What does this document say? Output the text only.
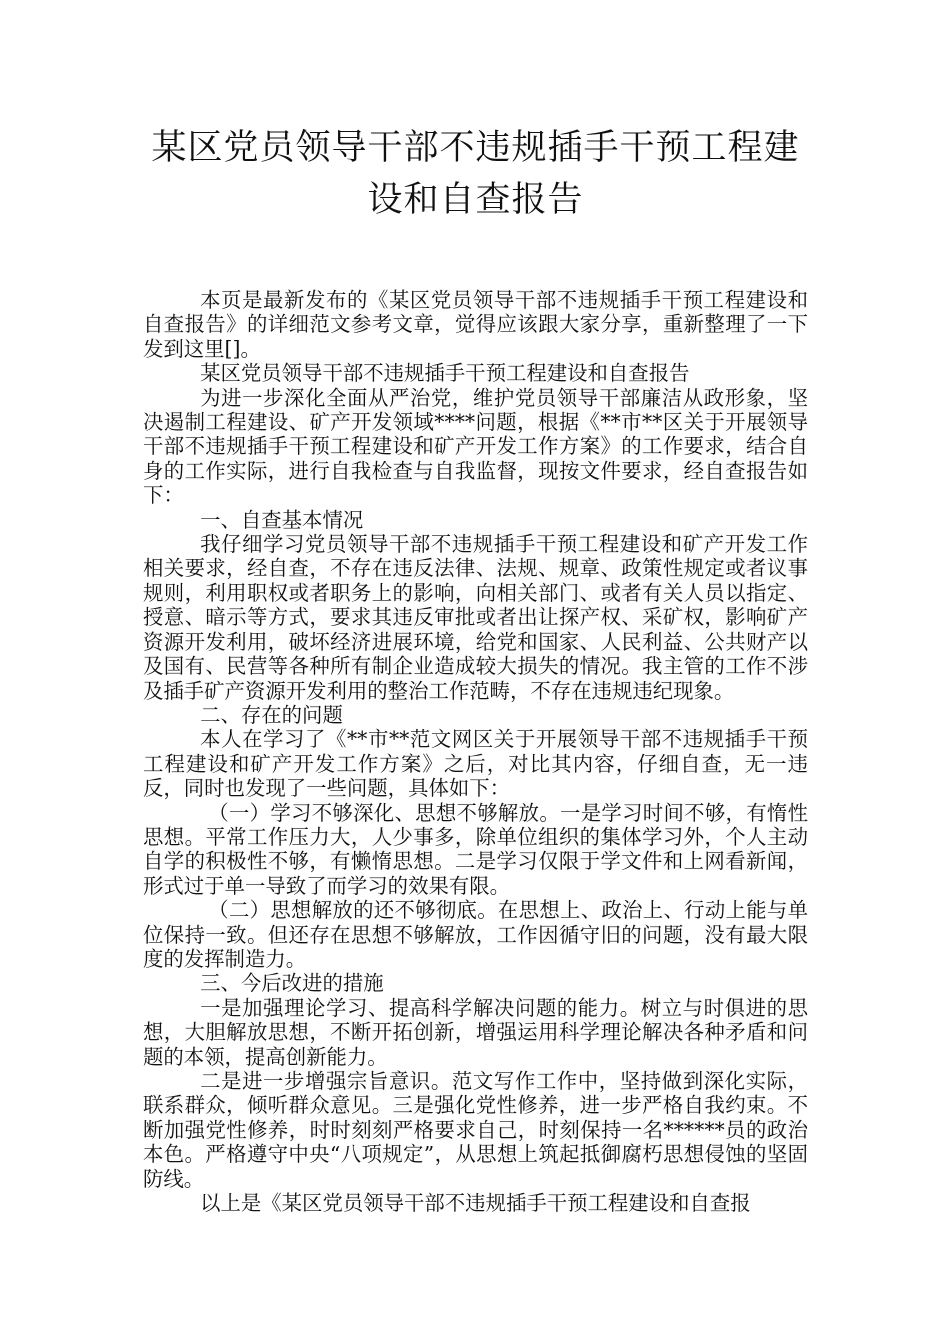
某区党员领导干部不违规插手干预工程建
设和自查报告

本页是最新发布的《某区党员领导干部不违规插手干预工程建设和自查报告》的详细范文参考文章，觉得应该跟大家分享，重新整理了一下发到这里[]。

某区党员领导干部不违规插手干预工程建设和自查报告

为进一步深化全面从严治党，维护党员领导干部廉洁从政形象，坚决遏制工程建设、矿产开发领域****问题，根据《**市**区关于开展领导干部不违规插手干预工程建设和矿产开发工作方案》的工作要求，结合自身的工作实际，进行自我检查与自我监督，现按文件要求，经自查报告如下：

一、自查基本情况

我仔细学习党员领导干部不违规插手干预工程建设和矿产开发工作相关要求，经自查，不存在违反法律、法规、规章、政策性规定或者议事规则，利用职权或者职务上的影响，向相关部门、或者有关人员以指定、授意、暗示等方式，要求其违反审批或者出让探产权、采矿权，影响矿产资源开发利用，破坏经济进展环境，给党和国家、人民利益、公共财产以及国有、民营等各种所有制企业造成较大损失的情况。我主管的工作不涉及插手矿产资源开发利用的整治工作范畴，不存在违规违纪现象。

二、存在的问题

本人在学习了《**市**范文网区关于开展领导干部不违规插手干预工程建设和矿产开发工作方案》之后，对比其内容，仔细自查，无一违反，同时也发现了一些问题，具体如下：

（一）学习不够深化、思想不够解放。一是学习时间不够，有惰性思想。平常工作压力大，人少事多，除单位组织的集体学习外，个人主动自学的积极性不够，有懒惰思想。二是学习仅限于学文件和上网看新闻，形式过于单一导致了而学习的效果有限。

（二）思想解放的还不够彻底。在思想上、政治上、行动上能与单位保持一致。但还存在思想不够解放，工作因循守旧的问题，没有最大限度的发挥制造力。

三、今后改进的措施

一是加强理论学习、提高科学解决问题的能力。树立与时俱进的思想，大胆解放思想，不断开拓创新，增强运用科学理论解决各种矛盾和问题的本领，提高创新能力。

二是进一步增强宗旨意识。范文写作工作中，坚持做到深化实际，联系群众，倾听群众意见。三是强化党性修养，进一步严格自我约束。不断加强党性修养，时时刻刻严格要求自己，时刻保持一名******员的政治本色。严格遵守中央“八项规定”，从思想上筑起抵御腐朽思想侵蚀的坚固防线。

以上是《某区党员领导干部不违规插手干预工程建设和自查报
